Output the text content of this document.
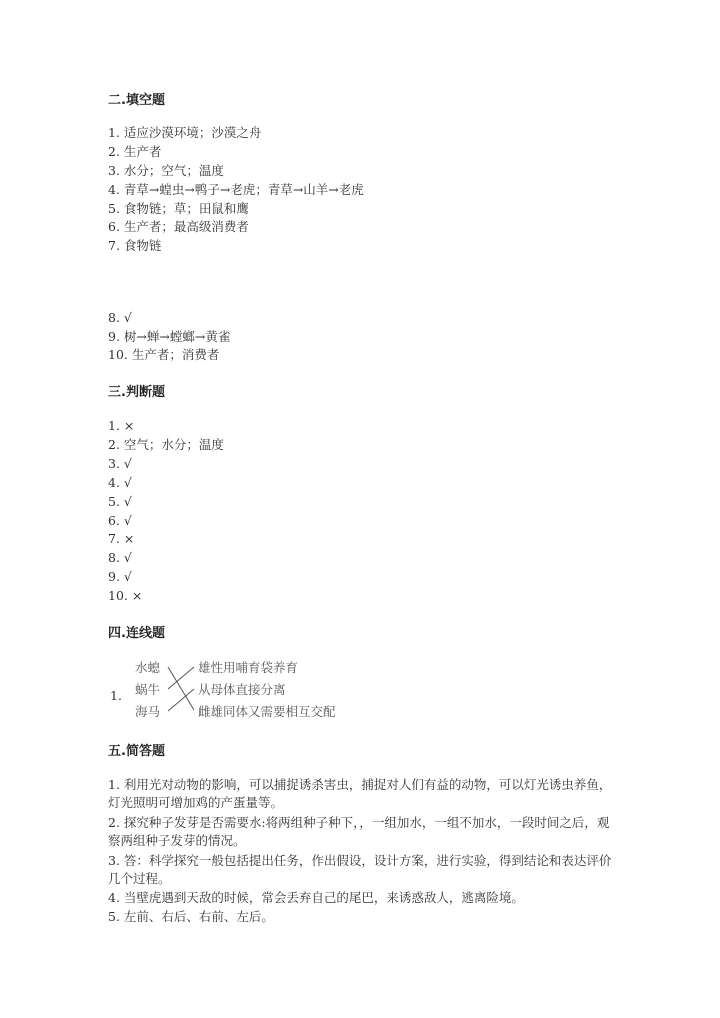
二.填空题
1. 适应沙漠环境；沙漠之舟
2. 生产者
3. 水分；空气；温度
4. 青草→蝗虫→鸭子→老虎；青草→山羊→老虎
5. 食物链；草；田鼠和鹰
6. 生产者；最高级消费者
7. 食物链
8. √
9. 树→蝉→螳螂→黄雀
10. 生产者；消费者
三.判断题
1. ×
2. 空气；水分；温度
3. √
4. √
5. √
6. √
7. ×
8. √
9. √
10. ×
四.连线题
1.
水螅
蜗牛
海马
雄性用哺育袋养育
从母体直接分离
雌雄同体又需要相互交配
五.简答题
1. 利用光对动物的影响，可以捕捉诱杀害虫，捕捉对人们有益的动物，可以灯光诱虫养鱼，灯光照明可增加鸡的产蛋量等。
2. 探究种子发芽是否需要水:将两组种子种下，，一组加水，一组不加水，一段时间之后，观察两组种子发芽的情况。
3. 答：科学探究一般包括提出任务，作出假设，设计方案，进行实验，得到结论和表达评价几个过程。
4. 当壁虎遇到天敌的时候，常会丢弃自己的尾巴，来诱惑敌人，逃离险境。
5. 左前、右后、右前、左后。
